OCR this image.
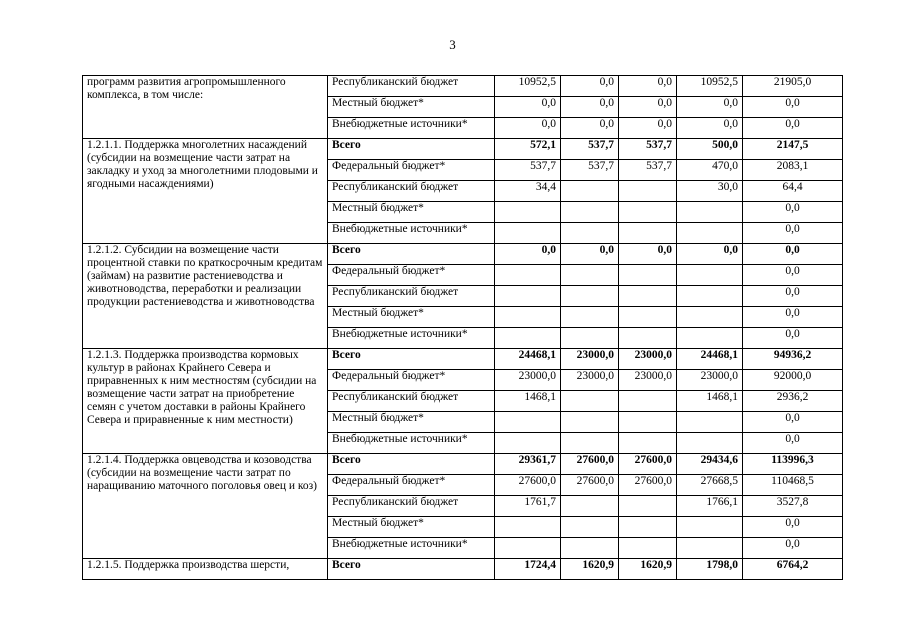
3
программ развития агропромышленного комплекса, в том числе:	Республиканский бюджет	10952,5	0,0	0,0	10952,5	21905,0
	Местный бюджет*	0,0	0,0	0,0	0,0	0,0
	Внебюджетные источники*	0,0	0,0	0,0	0,0	0,0
1.2.1.1. Поддержка многолетних насаждений (субсидии на возмещение части затрат на закладку и уход за многолетними плодовыми и ягодными насаждениями)	Всего	572,1	537,7	537,7	500,0	2147,5
	Федеральный бюджет*	537,7	537,7	537,7	470,0	2083,1
	Республиканский бюджет	34,4			30,0	64,4
	Местный бюджет*					0,0
	Внебюджетные источники*					0,0
1.2.1.2. Субсидии на возмещение части процентной ставки по краткосрочным кредитам (займам) на развитие растениеводства и животноводства, переработки и реализации продукции растениеводства и животноводства	Всего	0,0	0,0	0,0	0,0	0,0
	Федеральный бюджет*					0,0
	Республиканский бюджет					0,0
	Местный бюджет*					0,0
	Внебюджетные источники*					0,0
1.2.1.3. Поддержка производства кормовых культур в районах Крайнего Севера и приравненных к ним местностям (субсидии на возмещение части затрат на приобретение семян с учетом доставки в районы Крайнего Севера и приравненные к ним местности)	Всего	24468,1	23000,0	23000,0	24468,1	94936,2
	Федеральный бюджет*	23000,0	23000,0	23000,0	23000,0	92000,0
	Республиканский бюджет	1468,1			1468,1	2936,2
	Местный бюджет*					0,0
	Внебюджетные источники*					0,0
1.2.1.4. Поддержка овцеводства и козоводства (субсидии на возмещение части затрат по наращиванию маточного поголовья овец и коз)	Всего	29361,7	27600,0	27600,0	29434,6	113996,3
	Федеральный бюджет*	27600,0	27600,0	27600,0	27668,5	110468,5
	Республиканский бюджет	1761,7			1766,1	3527,8
	Местный бюджет*					0,0
	Внебюджетные источники*					0,0
1.2.1.5. Поддержка производства шерсти,	Всего	1724,4	1620,9	1620,9	1798,0	6764,2
